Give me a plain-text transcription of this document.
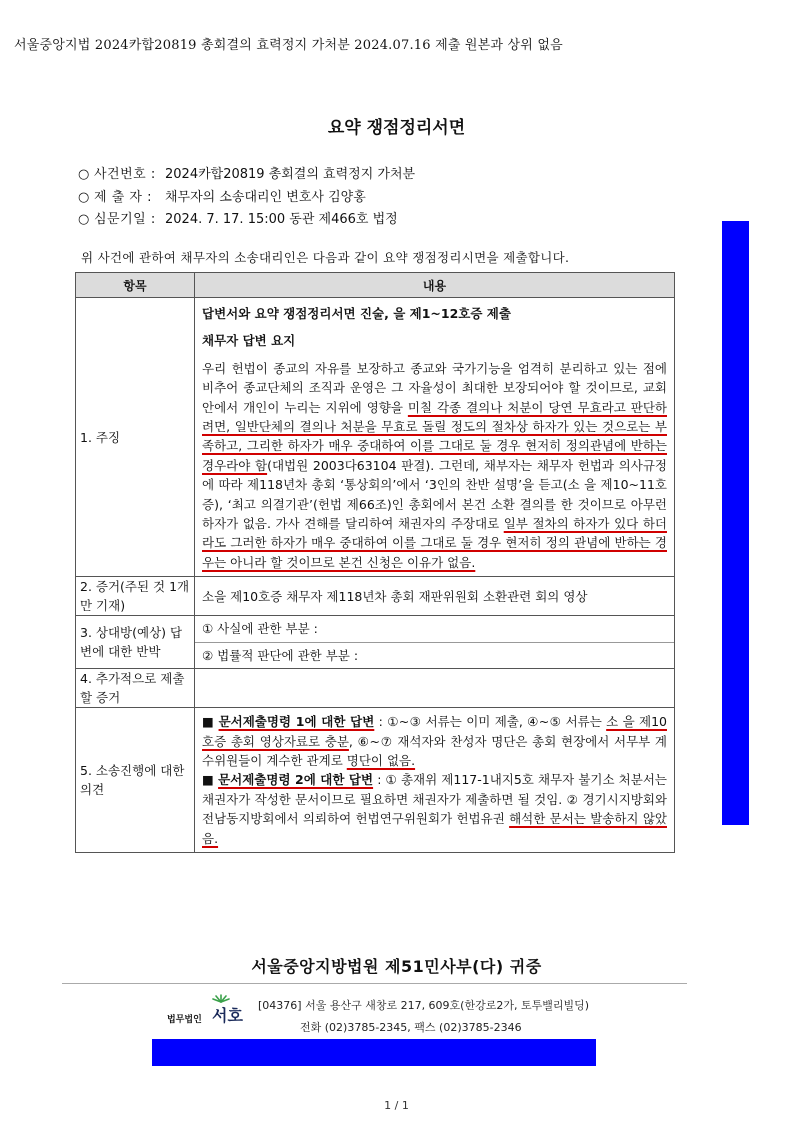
서울중앙지법 2024카합20819 총회결의 효력정지 가처분 2024.07.16 제출 원본과 상위 없음
요약 쟁점정리서면
○ 사건번호 : 2024카합20819 총회결의 효력정지 가처분
○ 제 출 자 : 채무자의 소송대리인 변호사 김양홍
○ 심문기일 : 2024. 7. 17. 15:00 동관 제466호 법정
위 사건에 관하여 채무자의 소송대리인은 다음과 같이 요약 쟁점정리시면을 제출합니다.
항목	내용
1. 주징	답변서와 요약 쟁점정리서면 진술, 을 제1~12호증 제출
채무자 답변 요지
우리 헌법이 종교의 자유를 보장하고 종교와 국가기능을 엄격히 분리하고 있는 점에 비추어 종교단체의 조직과 운영은 그 자율성이 최대한 보장되어야 할 것이므로, 교회 안에서 개인이 누리는 지위에 영향을 미칠 각종 결의나 처분이 당연 무효라고 판단하려면, 일반단체의 결의나 처분을 무효로 돌릴 정도의 절차상 하자가 있는 것으로는 부족하고, 그리한 하자가 매우 중대하여 이를 그대로 둘 경우 현저히 정의관념에 반하는 경우라야 함(대법원 2003다63104 판결). 그런데, 채부자는 채무자 헌법과 의사규정에 따라 제118년차 총회 ‘통상회의’에서 ‘3인의 찬반 설명’을 듣고(소 을 제10~11호증), ‘최고 의결기관’(헌법 제66조)인 총회에서 본건 소환 결의를 한 것이므로 아무런 하자가 없음. 가사 견해를 달리하여 채권자의 주장대로 일부 절차의 하자가 있다 하더라도 그러한 하자가 매우 중대하여 이를 그대로 둘 경우 현저히 정의 관념에 반하는 경우는 아니라 할 것이므로 본건 신청은 이유가 없음.

2. 증거(주된 것 1개만 기재)	소을 제10호증 채무자 제118년차 총회 재판위원회 소환관련 회의 영상
3. 상대방(예상) 답변에 대한 반박	① 사실에 관한 부분 :
② 법률적 판단에 관한 부분 :

4. 추가적으로 제출할 증거	
5. 소송진행에 대한 의견	■ 문서제출명령 1에 대한 답변 : ①~③ 서류는 이미 제출, ④~⑤ 서류는 소 을 제10호증 총회 영상자료로 충분, ⑥~⑦ 재석자와 찬성자 명단은 총회 현장에서 서무부 계수위원들이 계수한 관계로 명단이 없음.
■ 문서제출명령 2에 대한 답변 : ① 총재위 제117-1내지5호 채무자 불기소 처분서는 채권자가 작성한 문서이므로 필요하면 채권자가 제출하면 될 것임. ② 경기시지방회와 전남동지방회에서 의뢰하여 헌법연구위원회가 헌법유권 해석한 문서는 발송하지 않았음.
서울중앙지방법원 제51민사부(다) 귀중
법무법인 서호
[04376] 서울 용산구 새창로 217, 609호(한강로2가, 토투밸리빌딩)
전화 (02)3785-2345, 팩스 (02)3785-2346
1 / 1
